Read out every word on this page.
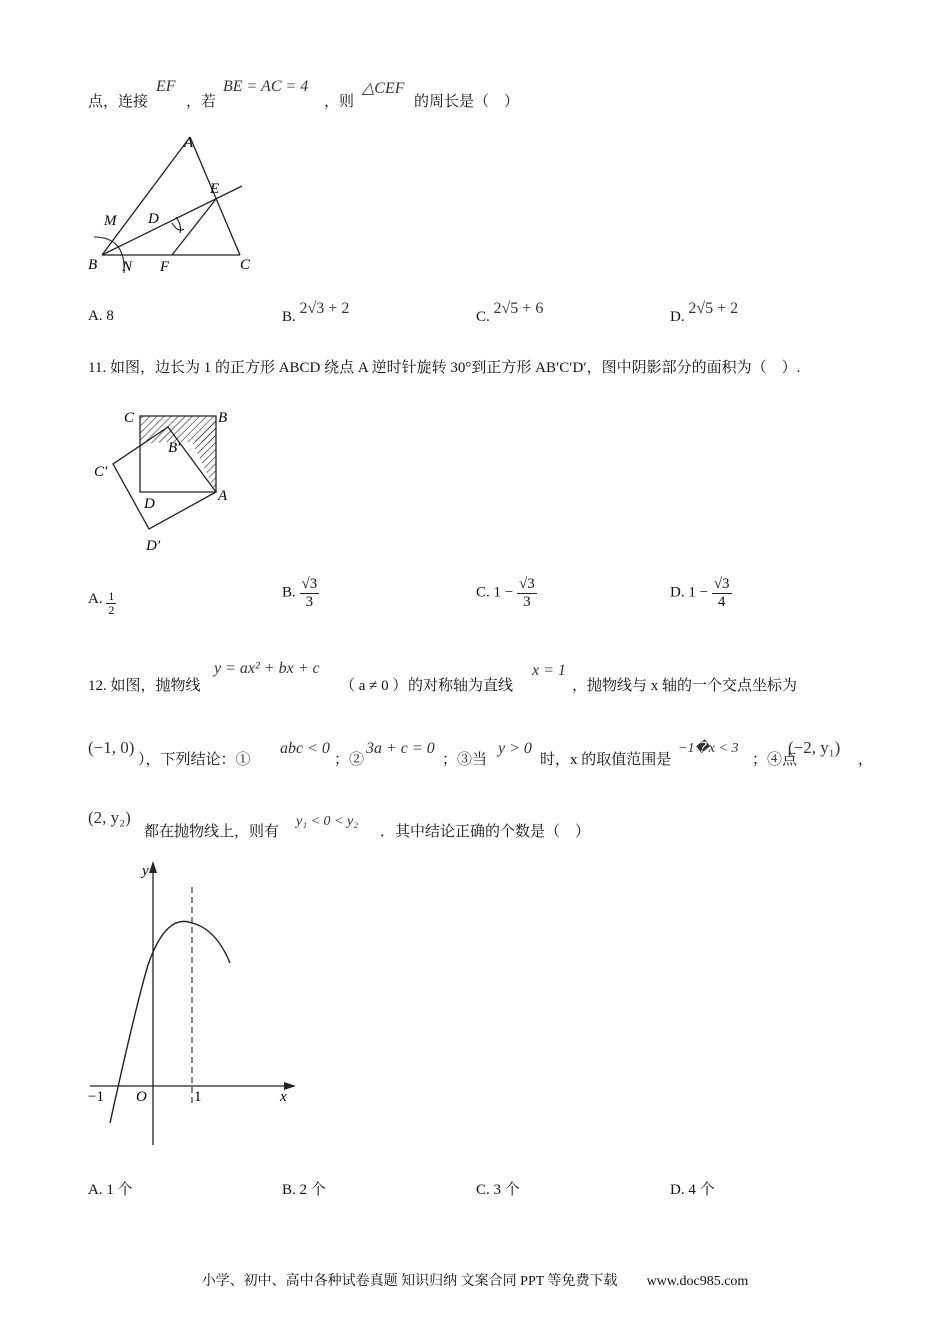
点，连接
EF
，若
BE = AC = 4
，则
△CEF
的周长是（　）
A
B	C
E
F
M
N
D
A. 8	B. 2√3 + 2	C. 2√5 + 6	D. 2√5 + 2
11. 如图，边长为 1 的正方形 ABCD 绕点 A 逆时针旋转 30°到正方形 AB′C′D′，图中阴影部分的面积为（　）.
C	B
B′
C′
D	A
D′
A. $\frac{1}{2}$	B. $\frac{√3}{3}$	C. $1 - \frac{√3}{3}$	D. $1 - \frac{√3}{4}$
12. 如图，抛物线
y = ax² + bx + c
（ a ≠ 0 ） 的对称轴为直线
x = 1
，抛物线与 x 轴的一个交点坐标为
(−1, 0)
），下列结论：①
abc < 0
；②
3a + c = 0
；③当
y > 0
时，x 的取值范围是
−1�x < 3
；④点
(−2, y₁)
，
(2, y₂)
都在抛物线上，则有
y₁ < 0 < y₂
．其中结论正确的个数是（　）
y
x
O
−1	1
A. 1 个	B. 2 个	C. 3 个	D. 4 个
小学、初中、高中各种试卷真题 知识归纳 文案合同 PPT 等免费下载 www.doc985.com
